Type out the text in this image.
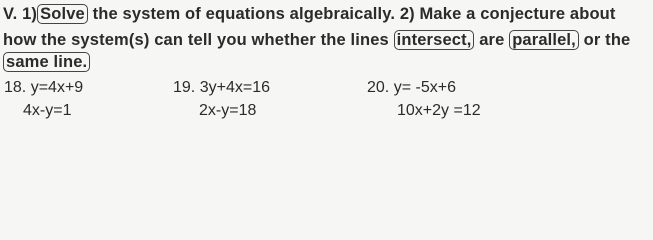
V. 1) Solve the system of equations algebraically. 2) Make a conjecture about
how the system(s) can tell you whether the lines intersect, are parallel, or the
same line.
18. y=4x+9
4x-y=1
19. 3y+4x=16
2x-y=18
20. y= -5x+6
10x+2y =12
